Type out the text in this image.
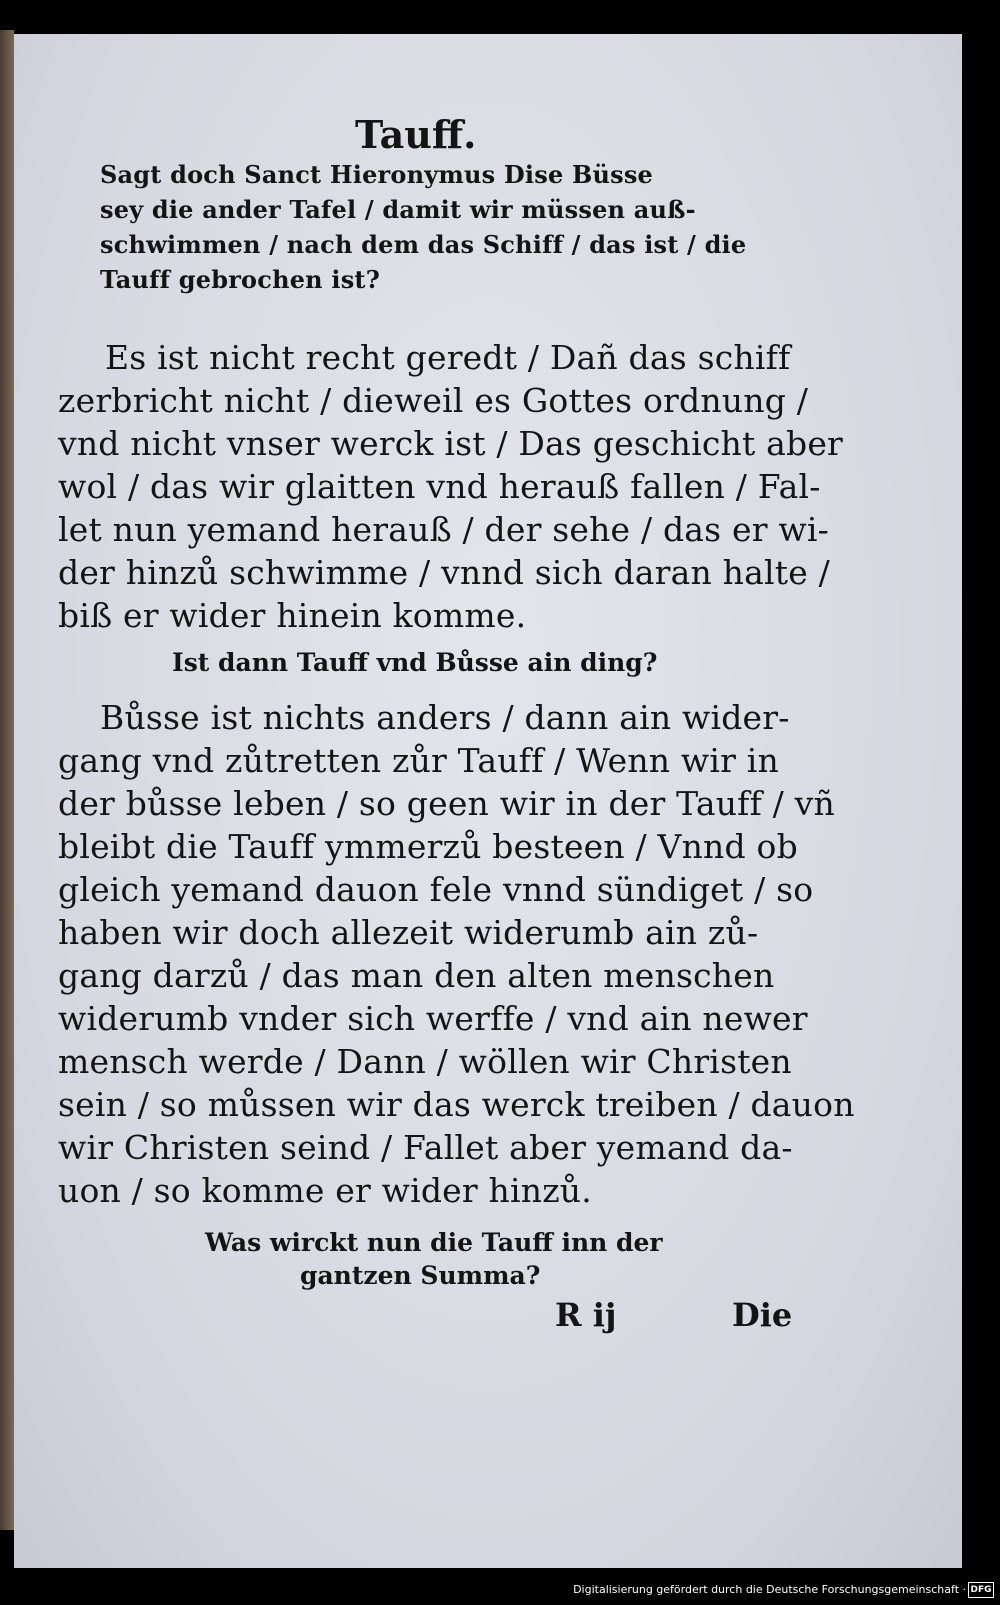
Tauff.
Sagt doch Sanct Hieronymus Dise Büsse
sey die ander Tafel / damit wir müssen auß-
schwimmen / nach dem das Schiff / das ist / die
Tauff gebrochen ist?
Es ist nicht recht geredt / Dañ das schiff
zerbricht nicht / dieweil es Gottes ordnung /
vnd nicht vnser werck ist / Das geschicht aber
wol / das wir glaitten vnd herauß fallen / Fal-
let nun yemand herauß / der sehe / das er wi-
der hinzů schwimme / vnnd sich daran halte /
biß er wider hinein komme.
Ist dann Tauff vnd Bůsse ain ding?
Bůsse ist nichts anders / dann ain wider-
gang vnd zůtretten zůr Tauff / Wenn wir in
der bůsse leben / so geen wir in der Tauff / vñ
bleibt die Tauff ymmerzů besteen / Vnnd ob
gleich yemand dauon fele vnnd sündiget / so
haben wir doch allezeit widerumb ain zů-
gang darzů / das man den alten menschen
widerumb vnder sich werffe / vnd ain newer
mensch werde / Dann / wöllen wir Christen
sein / so můssen wir das werck treiben / dauon
wir Christen seind / Fallet aber yemand da-
uon / so komme er wider hinzů.
Was wirckt nun die Tauff inn der
gantzen Summa?
R ij	Die
Digitalisierung gefördert durch die Deutsche Forschungsgemeinschaft · DFG
